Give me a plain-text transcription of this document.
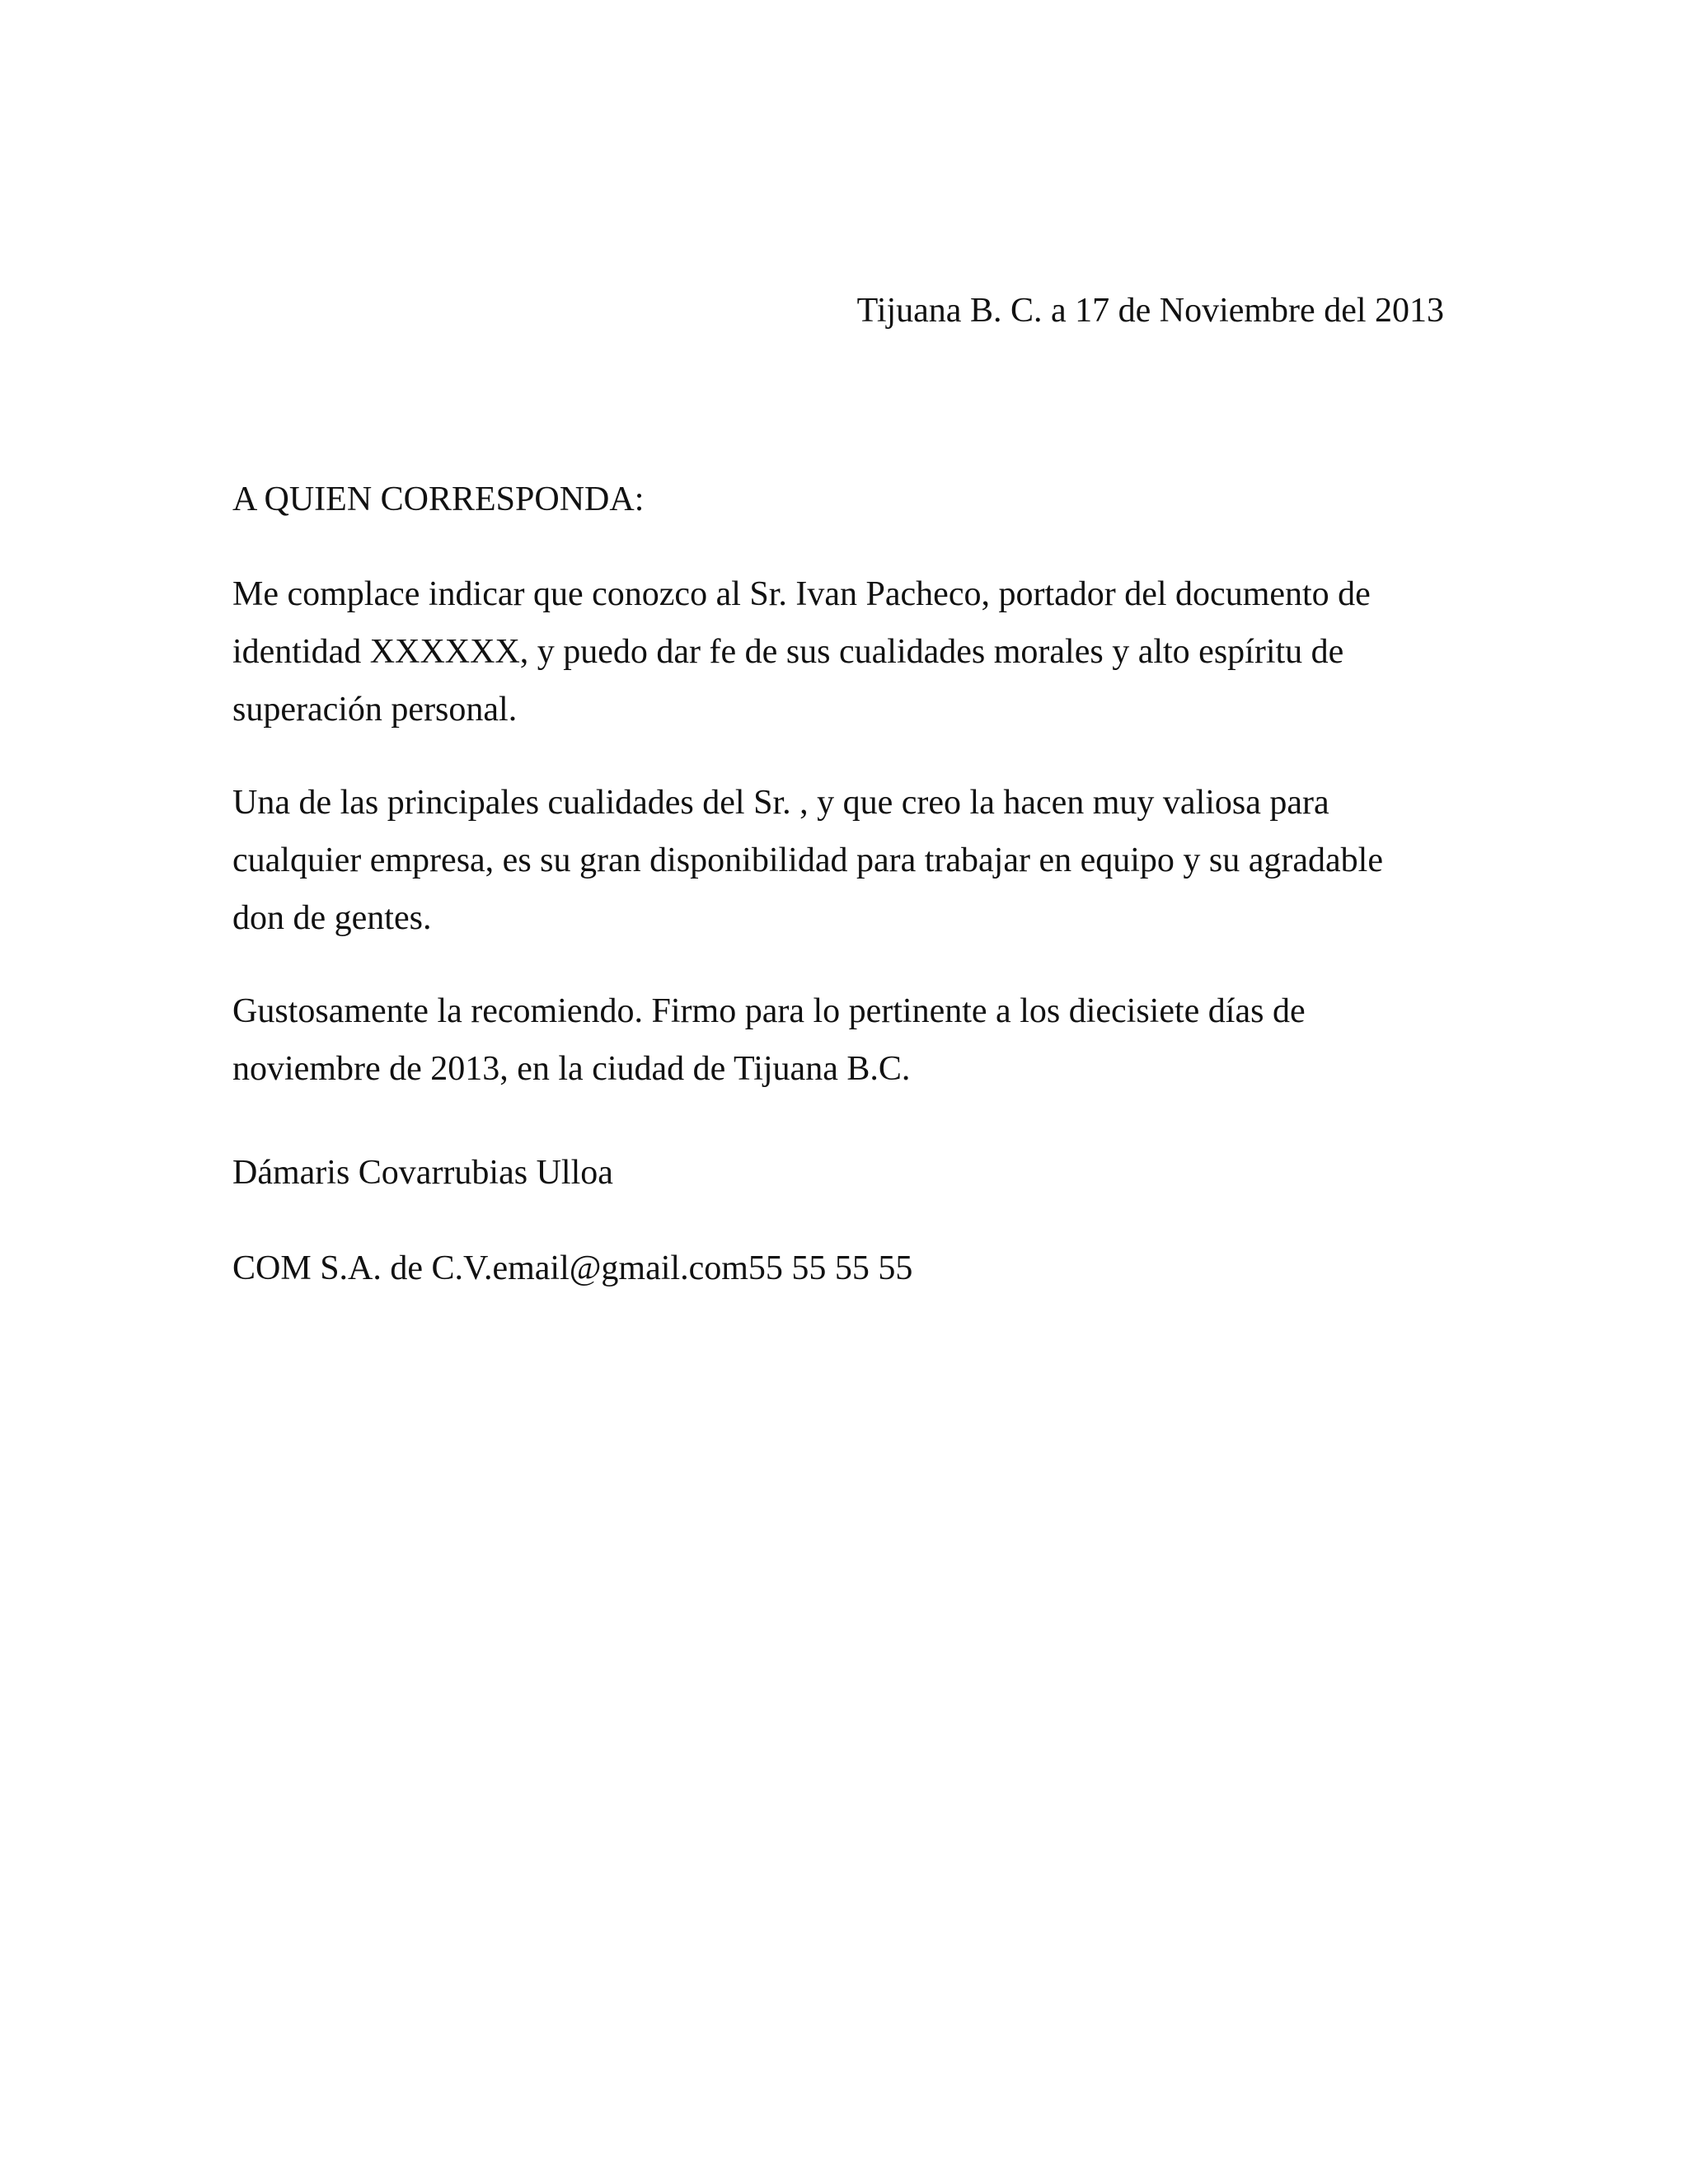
Tijuana B. C. a 17 de Noviembre del 2013
A QUIEN CORRESPONDA:
Me complace indicar que conozco al Sr. Ivan Pacheco, portador del documento de
identidad XXXXXX, y puedo dar fe de sus cualidades morales y alto espíritu de
superación personal.
Una de las principales cualidades del Sr. , y que creo la hacen muy valiosa para
cualquier empresa, es su gran disponibilidad para trabajar en equipo y su agradable
don de gentes.
Gustosamente la recomiendo. Firmo para lo pertinente a los diecisiete días de
noviembre de 2013, en la ciudad de Tijuana B.C.
Dámaris Covarrubias Ulloa
COM S.A. de C.V.email@gmail.com55 55 55 55
